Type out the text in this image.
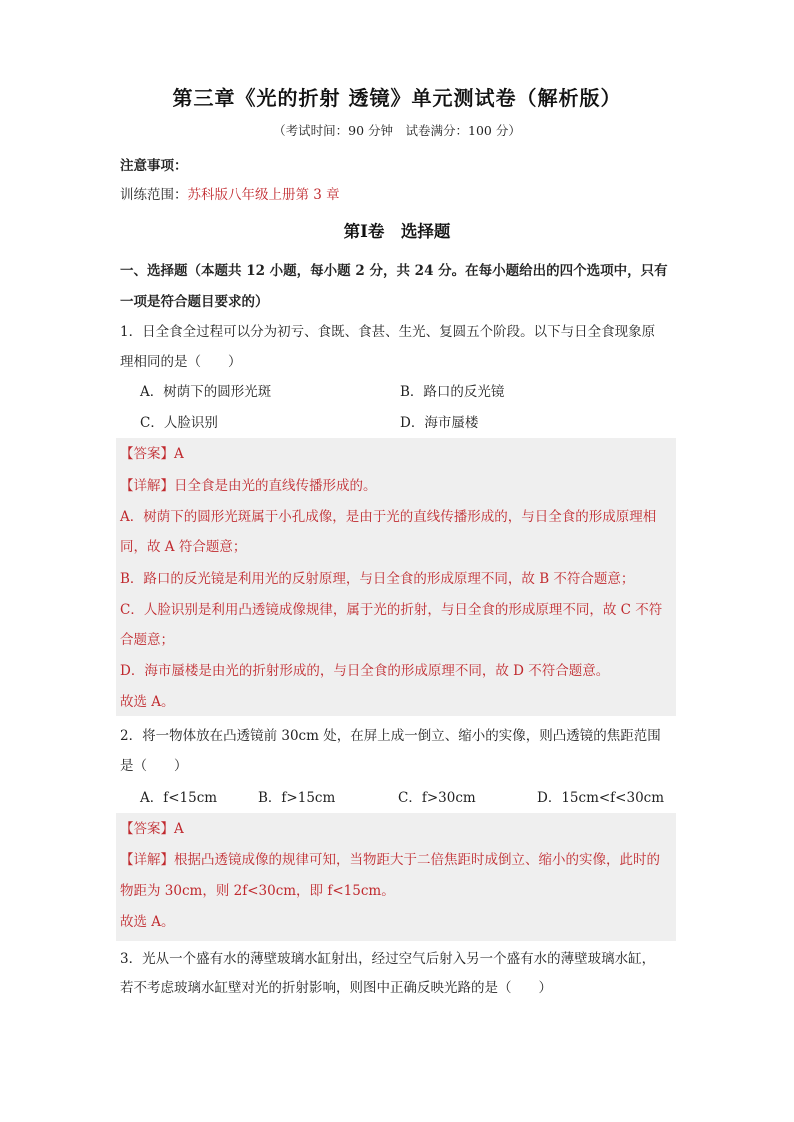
第三章《光的折射 透镜》单元测试卷（解析版）
（考试时间：90 分钟　试卷满分：100 分）
注意事项：
训练范围：苏科版八年级上册第 3 章
第Ⅰ卷　选择题
一、选择题（本题共 12 小题，每小题 2 分，共 24 分。在每小题给出的四个选项中，只有
一项是符合题目要求的）
1．日全食全过程可以分为初亏、食既、食甚、生光、复圆五个阶段。以下与日全食现象原
理相同的是（　　）
A．树荫下的圆形光斑	B．路口的反光镜
C．人脸识别	D．海市蜃楼
【答案】A
【详解】日全食是由光的直线传播形成的。
A．树荫下的圆形光斑属于小孔成像，是由于光的直线传播形成的，与日全食的形成原理相
同，故 A 符合题意；
B．路口的反光镜是利用光的反射原理，与日全食的形成原理不同，故 B 不符合题意；
C．人脸识别是利用凸透镜成像规律，属于光的折射，与日全食的形成原理不同，故 C 不符
合题意；
D．海市蜃楼是由光的折射形成的，与日全食的形成原理不同，故 D 不符合题意。
故选 A。
2．将一物体放在凸透镜前 30cm 处，在屏上成一倒立、缩小的实像，则凸透镜的焦距范围
是（　　）
A．f<15cm	B．f>15cm	C．f>30cm	D．15cm<f<30cm
【答案】A
【详解】根据凸透镜成像的规律可知，当物距大于二倍焦距时成倒立、缩小的实像，此时的
物距为 30cm，则 2f<30cm，即 f<15cm。
故选 A。
3．光从一个盛有水的薄壁玻璃水缸射出，经过空气后射入另一个盛有水的薄壁玻璃水缸，
若不考虑玻璃水缸壁对光的折射影响，则图中正确反映光路的是（　　）
